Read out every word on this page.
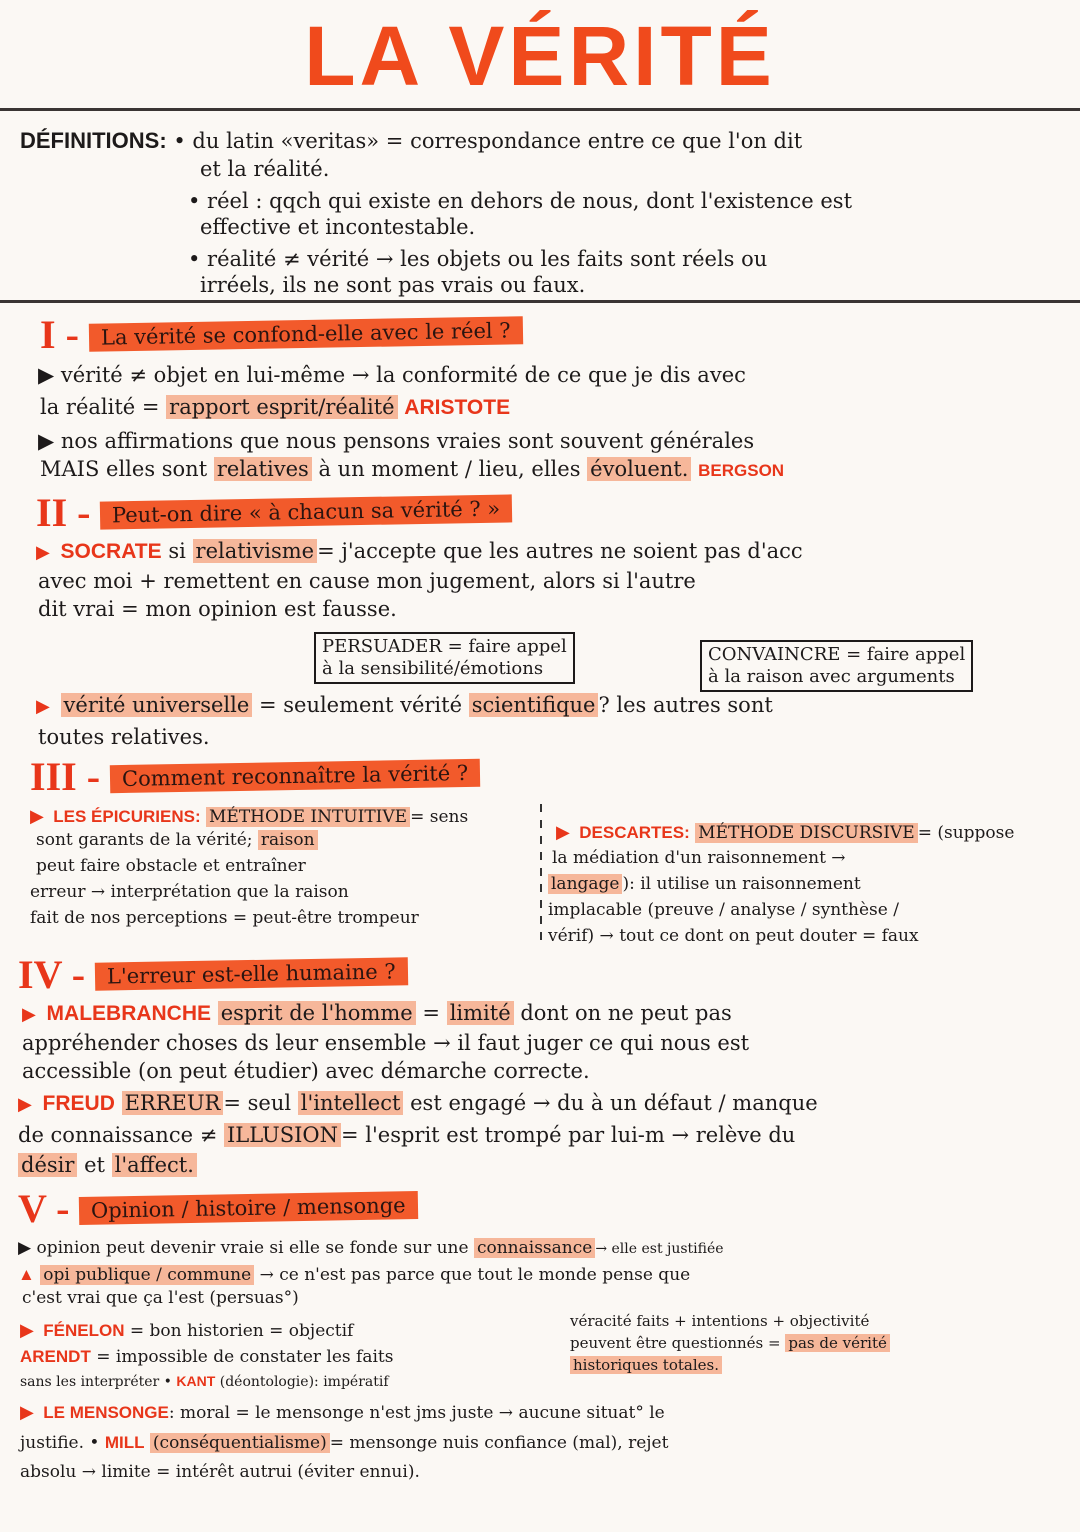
LA VÉRITÉ
DÉFINITIONS: • du latin «veritas» = correspondance entre ce que l'on dit
et la réalité.
• réel : qqch qui existe en dehors de nous, dont l'existence est
effective et incontestable.
• réalité ≠ vérité → les objets ou les faits sont réels ou
irréels, ils ne sont pas vrais ou faux.
I -	La vérité se confond-elle avec le réel ?
▶ vérité ≠ objet en lui-même → la conformité de ce que je dis avec
la réalité = rapport esprit/réalité ARISTOTE
▶ nos affirmations que nous pensons vraies sont souvent générales
MAIS elles sont relatives à un moment / lieu, elles évoluent. BERGSON
II -	Peut-on dire « à chacun sa vérité ? »
▶ SOCRATE si relativisme = j'accepte que les autres ne soient pas d'acc
avec moi + remettent en cause mon jugement, alors si l'autre
dit vrai = mon opinion est fausse.
PERSUADER = faire appel
à la sensibilité/émotions
CONVAINCRE = faire appel
à la raison avec arguments
▶ vérité universelle = seulement vérité scientifique ? les autres sont
toutes relatives.
III -	Comment reconnaître la vérité ?
▶ LES ÉPICURIENS: MÉTHODE INTUITIVE = sens
sont garants de la vérité; raison
peut faire obstacle et entraîner
erreur → interprétation que la raison
fait de nos perceptions = peut-être trompeur
▶ DESCARTES: MÉTHODE DISCURSIVE = (suppose
la médiation d'un raisonnement →
langage ): il utilise un raisonnement
implacable (preuve / analyse / synthèse /
vérif) → tout ce dont on peut douter = faux
IV -	L'erreur est-elle humaine ?
▶ MALEBRANCHE esprit de l'homme = limité dont on ne peut pas
appréhender choses ds leur ensemble → il faut juger ce qui nous est
accessible (on peut étudier) avec démarche correcte.
▶ FREUD ERREUR = seul l'intellect est engagé → du à un défaut / manque
de connaissance ≠ ILLUSION = l'esprit est trompé par lui-m → relève du
désir et l'affect.
V -	Opinion / histoire / mensonge
▶ opinion peut devenir vraie si elle se fonde sur une connaissance → elle est justifiée
▲ opi publique / commune → ce n'est pas parce que tout le monde pense que
c'est vrai que ça l'est (persuas°)
▶ FÉNELON = bon historien = objectif
ARENDT = impossible de constater les faits
sans les interpréter • KANT (déontologie): impératif
véracité faits + intentions + objectivité
peuvent être questionnés = pas de vérité
historiques totales.
▶ LE MENSONGE: moral = le mensonge n'est jms juste → aucune situat° le
justifie. • MILL (conséquentialisme) = mensonge nuis confiance (mal), rejet
absolu → limite = intérêt autrui (éviter ennui).
